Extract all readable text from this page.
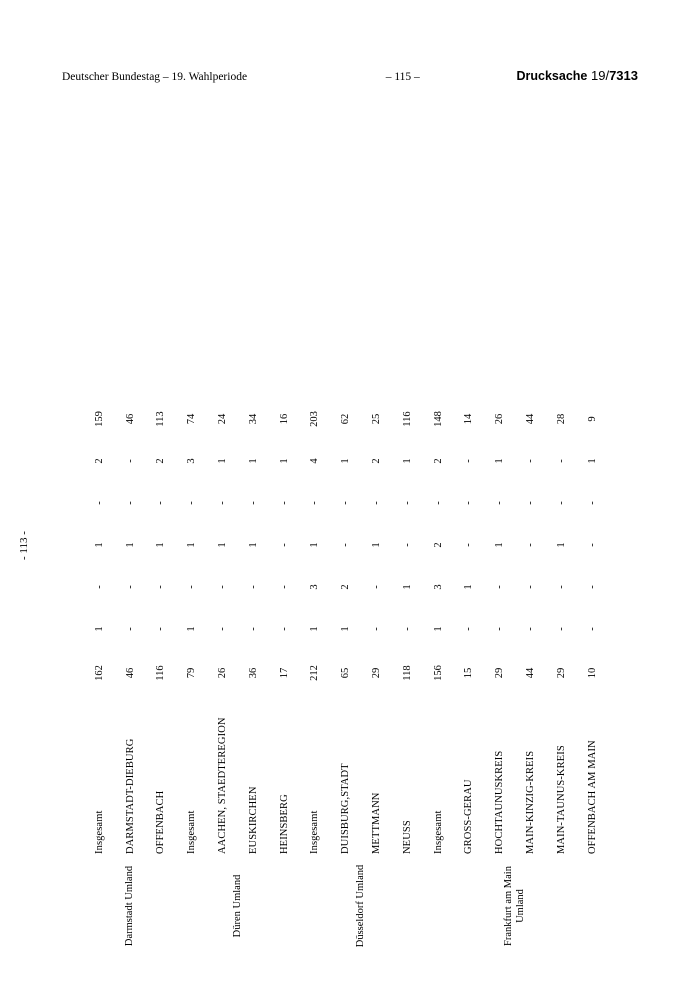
Deutscher Bundestag – 19. Wahlperiode	– 115 –	Drucksache 19/7313
- 113 -
Darmstadt Umland	Insgesamt	162	1	-	1	-	2	159
	DARMSTADT-DIEBURG	46	-	-	1	-	-	46
	OFFENBACH	116	-	-	1	-	2	113
Düren Umland	Insgesamt	79	1	-	1	-	3	74
	AACHEN, STAEDTEREGION	26	-	-	1	-	1	24
	EUSKIRCHEN	36	-	-	1	-	1	34
	HEINSBERG	17	-	-	-	-	1	16
Düsseldorf Umland	Insgesamt	212	1	3	1	-	4	203
	DUISBURG,STADT	65	1	2	-	-	1	62
	METTMANN	29	-	-	1	-	2	25
	NEUSS	118	-	1	-	-	1	116
Frankfurt am Main Umland	Insgesamt	156	1	3	2	-	2	148
	GROSS-GERAU	15	-	1	-	-	-	14
	HOCHTAUNUSKREIS	29	-	-	1	-	1	26
	MAIN-KINZIG-KREIS	44	-	-	-	-	-	44
	MAIN-TAUNUS-KREIS	29	-	-	1	-	-	28
	OFFENBACH AM MAIN	10	-	-	-	-	1	9
